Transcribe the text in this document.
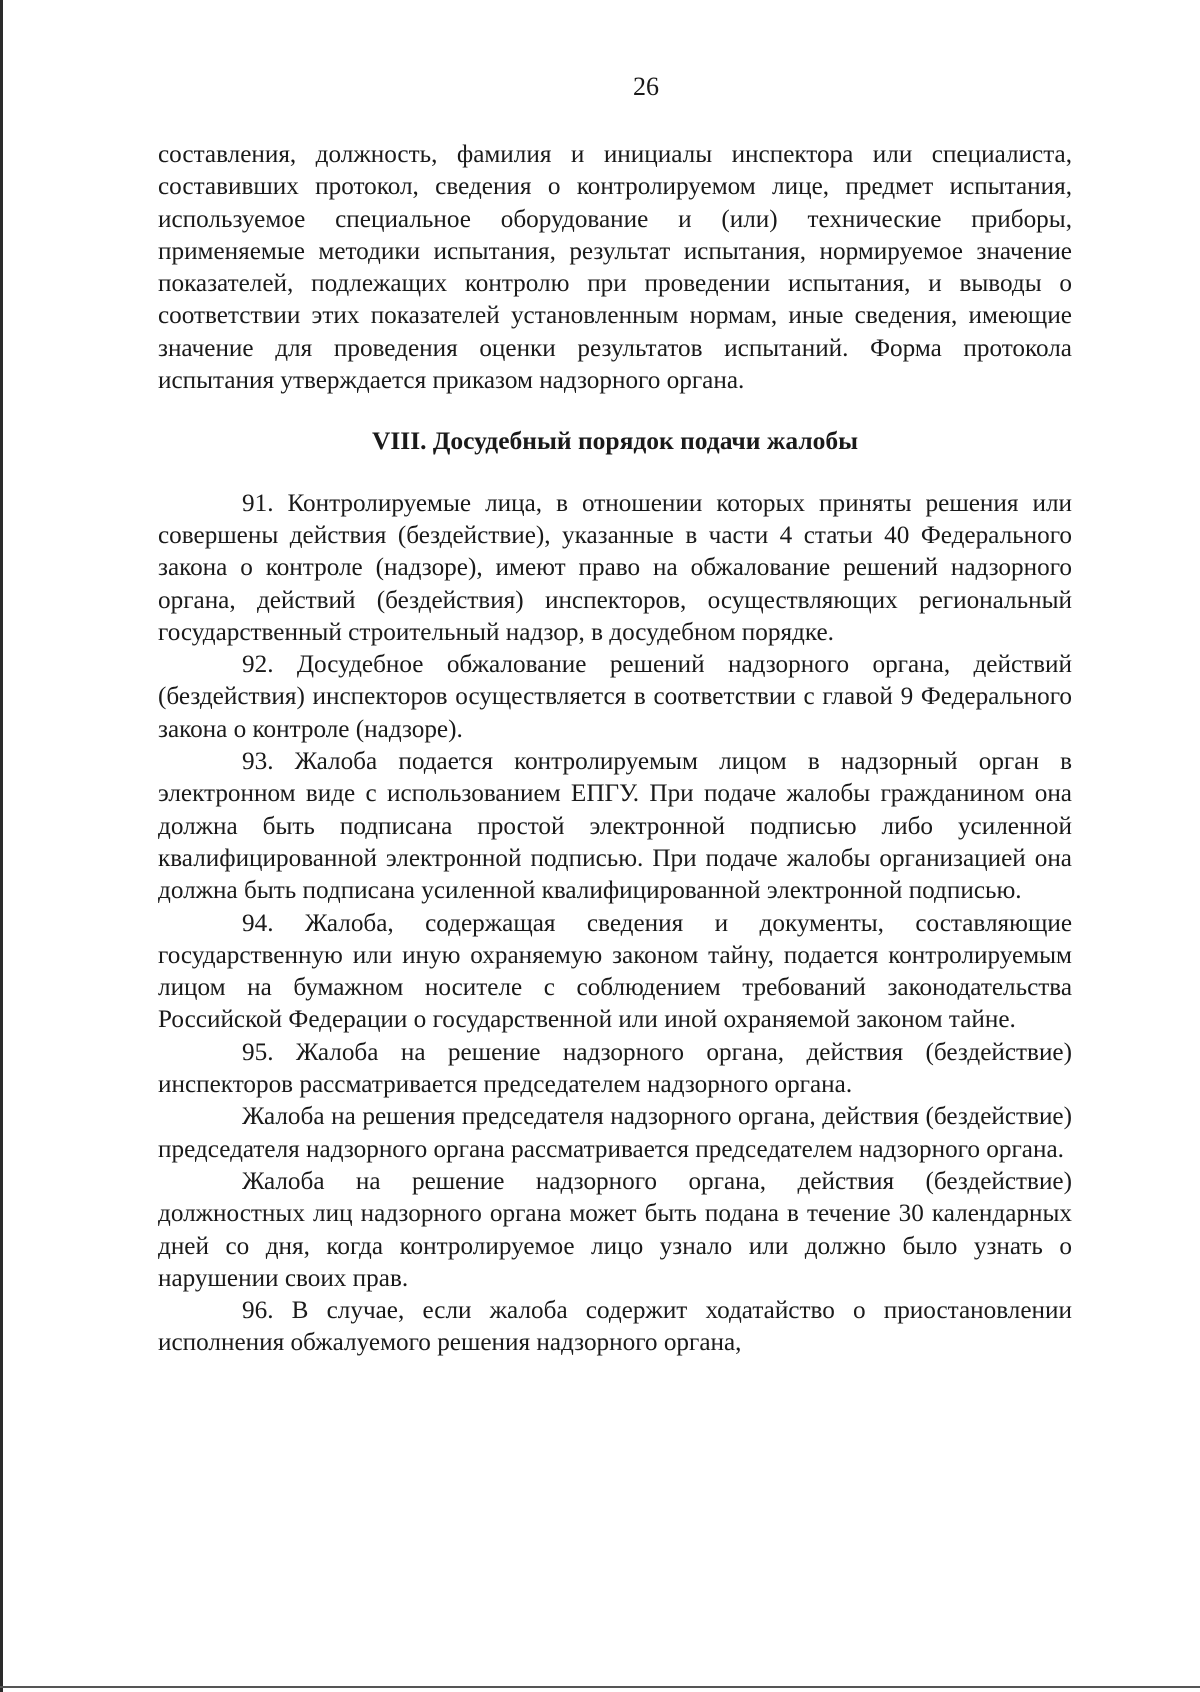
26

составления, должность, фамилия и инициалы инспектора или специалиста, составивших протокол, сведения о контролируемом лице, предмет испытания, используемое специальное оборудование и (или) технические приборы, применяемые методики испытания, результат испытания, нормируемое значение показателей, подлежащих контролю при проведении испытания, и выводы о соответствии этих показателей установленным нормам, иные сведения, имеющие значение для проведения оценки результатов испытаний. Форма протокола испытания утверждается приказом надзорного органа.

VIII. Досудебный порядок подачи жалобы

91. Контролируемые лица, в отношении которых приняты решения или совершены действия (бездействие), указанные в части 4 статьи 40 Федерального закона о контроле (надзоре), имеют право на обжалование решений надзорного органа, действий (бездействия) инспекторов, осуществляющих региональный государственный строительный надзор, в досудебном порядке.

92. Досудебное обжалование решений надзорного органа, действий (бездействия) инспекторов осуществляется в соответствии с главой 9 Федерального закона о контроле (надзоре).

93. Жалоба подается контролируемым лицом в надзорный орган в электронном виде с использованием ЕПГУ. При подаче жалобы гражданином она должна быть подписана простой электронной подписью либо усиленной квалифицированной электронной подписью. При подаче жалобы организацией она должна быть подписана усиленной квалифицированной электронной подписью.

94. Жалоба, содержащая сведения и документы, составляющие государственную или иную охраняемую законом тайну, подается контролируемым лицом на бумажном носителе с соблюдением требований законодательства Российской Федерации о государственной или иной охраняемой законом тайне.

95. Жалоба на решение надзорного органа, действия (бездействие) инспекторов рассматривается председателем надзорного органа.

Жалоба на решения председателя надзорного органа, действия (бездействие) председателя надзорного органа рассматривается председателем надзорного органа.

Жалоба на решение надзорного органа, действия (бездействие) должностных лиц надзорного органа может быть подана в течение 30 календарных дней со дня, когда контролируемое лицо узнало или должно было узнать о нарушении своих прав.

96. В случае, если жалоба содержит ходатайство о приостановлении исполнения обжалуемого решения надзорного органа,
